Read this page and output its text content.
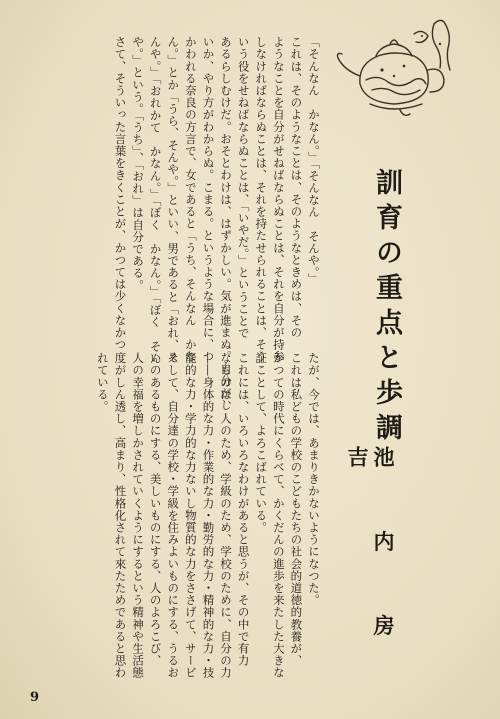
「そんなん　かなん。」「そんなん　そんや。」
これは、そのようなことは、そのようなときめは、その
ようなことを自分がせねばならぬことは、それを自分が持参
しなければならぬことは、それを持たせられることは、そう
いう役をせねばならぬことは、「いやだ。」ということで
あるらしむけだ。おそとわけは、はずかしい。気が進まぬ。自分がし
いか、やり方がわからぬ。こまる。というような場合に、つ
かわれる奈良の方言で、女であると「うち、そんなん　かな
ん。」とか「うら、そんや。」といい、男であると「おれ、そ
んや。」「おれかて　かなん。」「ぼく　かなん。」「ぼく　そん
や。」という。「うち」、「おれ」は自分である。
さて、そういった言葉をきくことが、かつては少くなかつ
たが、今では、あまりきかないようになつた。
これは私どもの学校のこどもたちの社会的道徳的教養が、
かつての時代にくらべて、かくだんの進歩を来たした大きな
証ことして、よろこばれている。
これには、いろいろなわけがあると思うが、その中で有力
なものは、人のため、学級のため、学校のために、自分の力
――身体的な力・作業的な力・勤労的な力・精神的な力・技
能的な力・学力的な力ないし物質的な力をささげて、サービ
スして、自分達の学校・学級を住みよいものにする、うるお
いのあるものにする、美しいものにする、人のよろこび、
人の幸福を増しかされていくようにするという精神や生活態
度がしん透し、高まり、性格化されて來たためであると思わ
れている。	訓育の重点と歩調
池 内 房 吉
9
